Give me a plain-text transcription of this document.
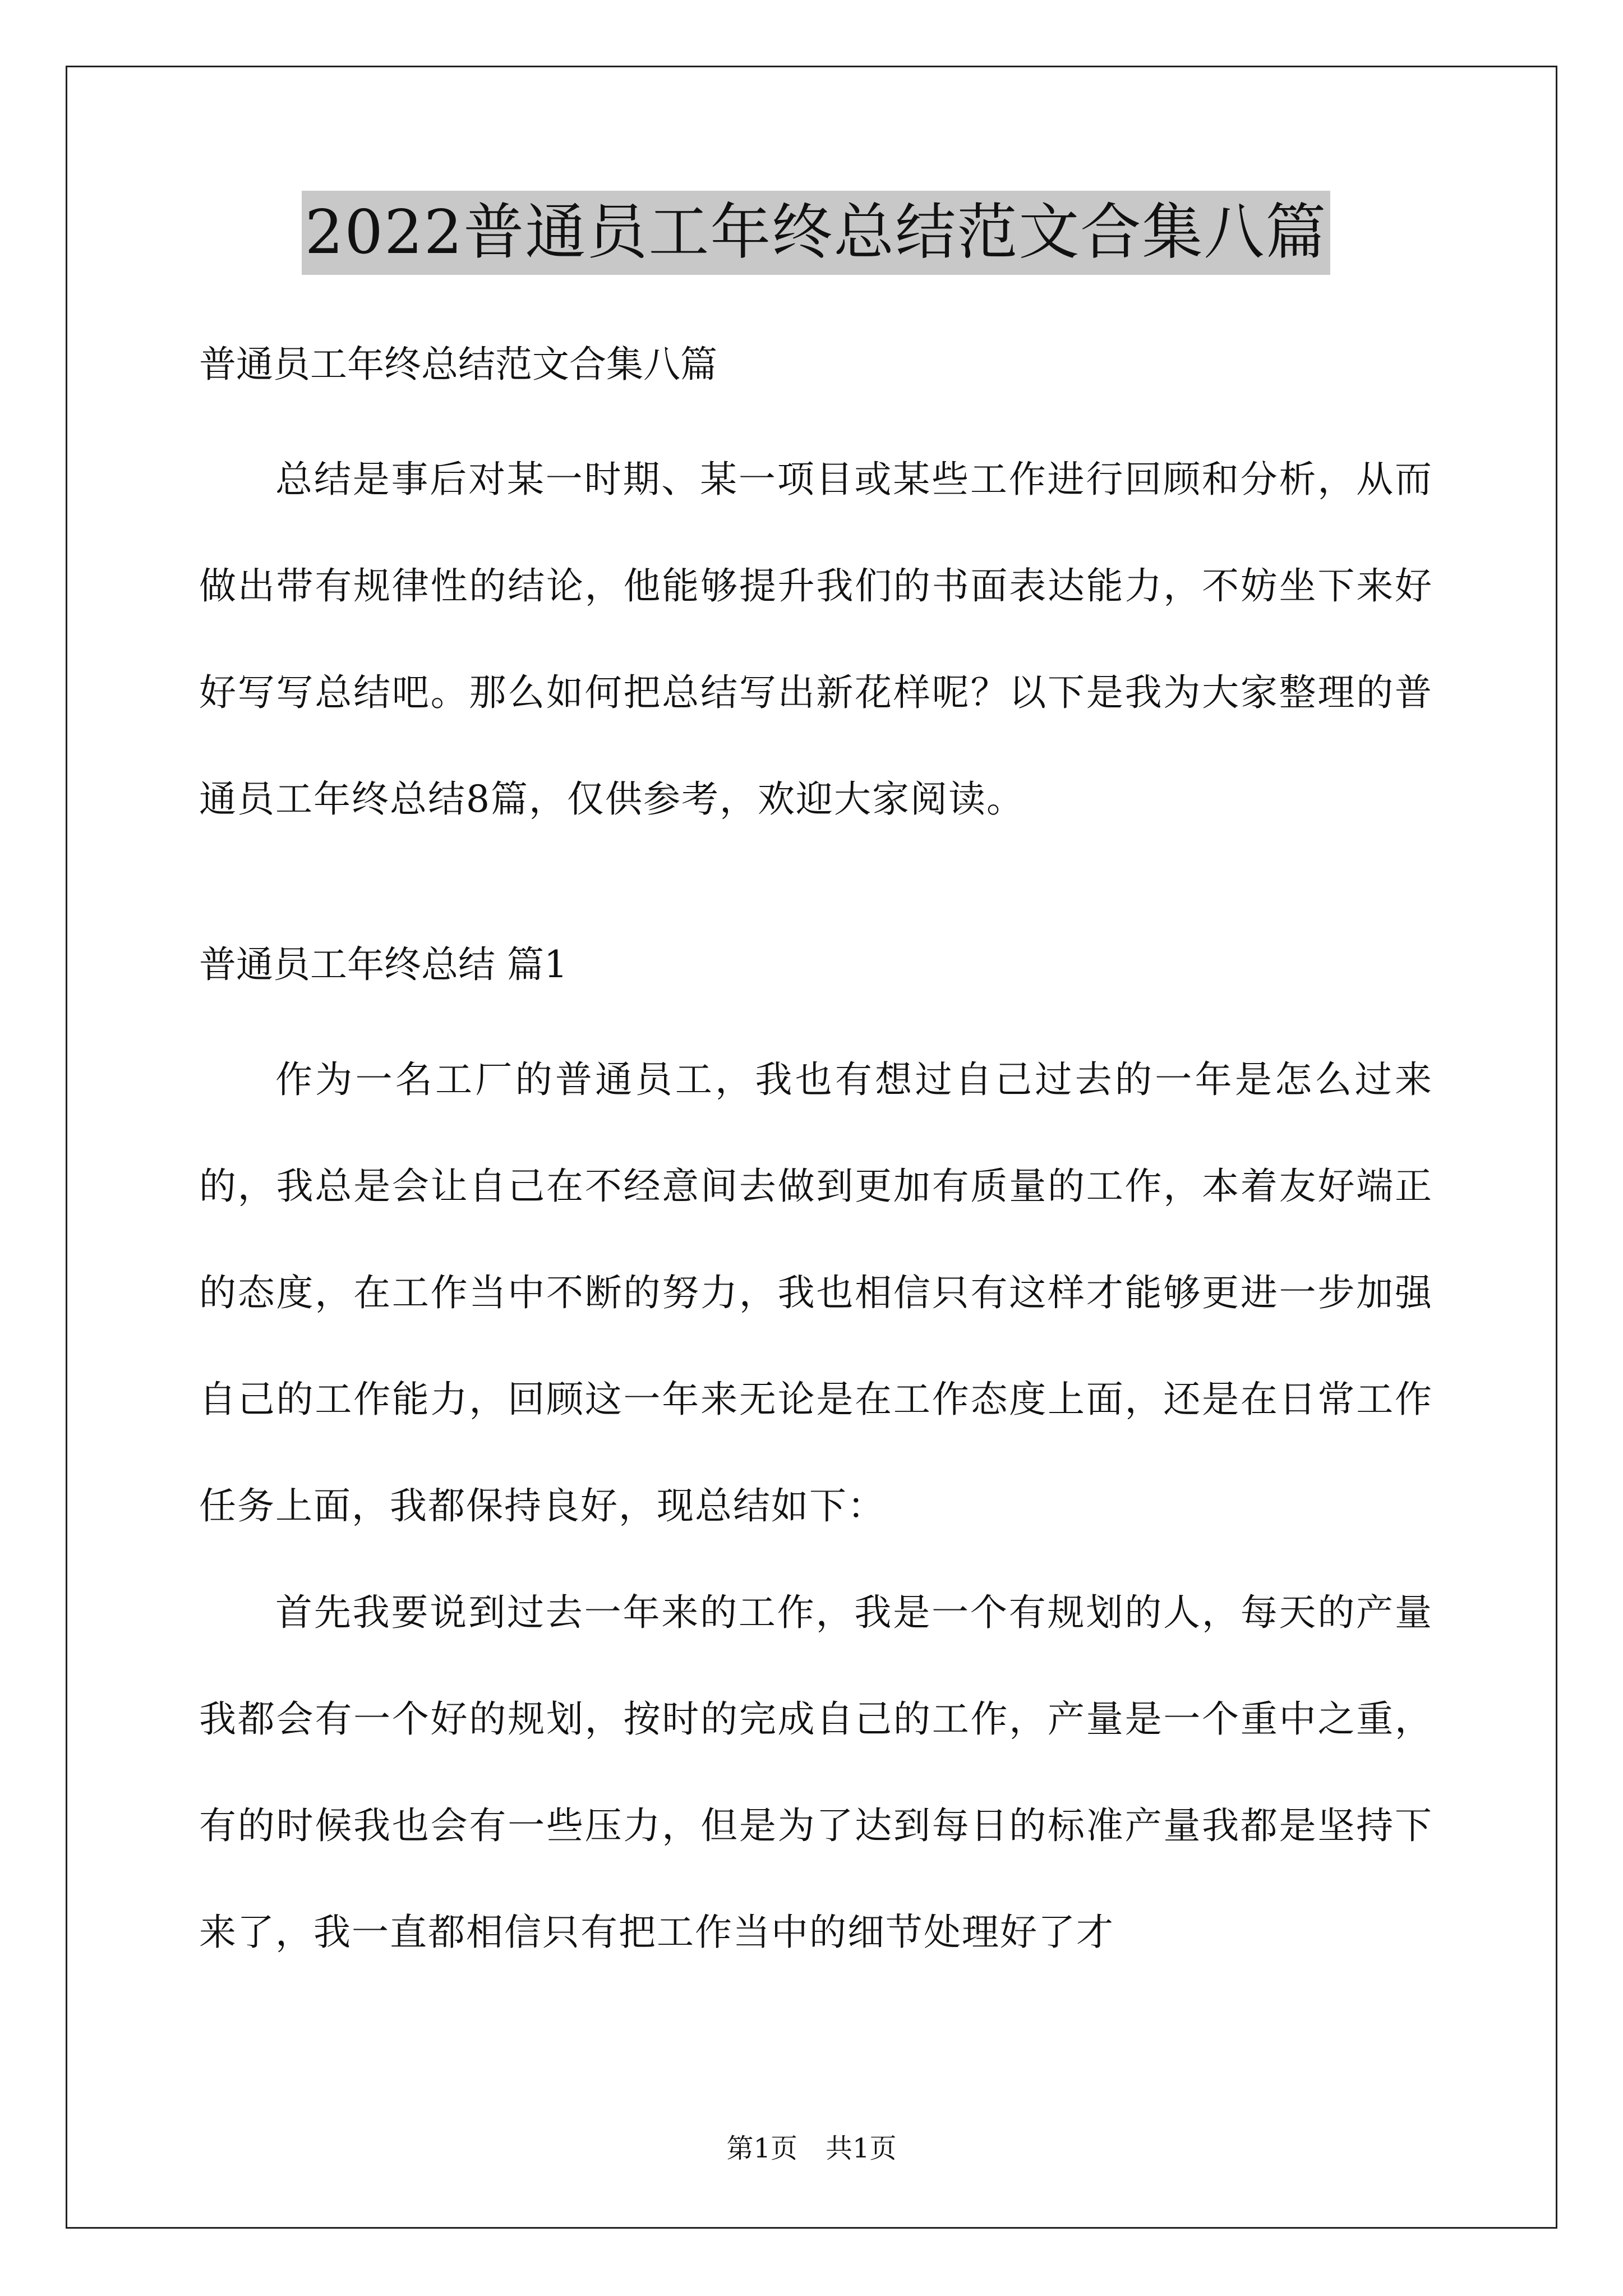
2022普通员工年终总结范文合集八篇

普通员工年终总结范文合集八篇

总结是事后对某一时期、某一项目或某些工作进行回顾和分析，从而做出带有规律性的结论，他能够提升我们的书面表达能力，不妨坐下来好好写写总结吧。那么如何把总结写出新花样呢？以下是我为大家整理的普通员工年终总结8篇，仅供参考，欢迎大家阅读。

普通员工年终总结 篇1

作为一名工厂的普通员工，我也有想过自己过去的一年是怎么过来的，我总是会让自己在不经意间去做到更加有质量的工作，本着友好端正的态度，在工作当中不断的努力，我也相信只有这样才能够更进一步加强自己的工作能力，回顾这一年来无论是在工作态度上面，还是在日常工作任务上面，我都保持良好，现总结如下：

首先我要说到过去一年来的工作，我是一个有规划的人，每天的产量我都会有一个好的规划，按时的完成自己的工作，产量是一个重中之重，有的时候我也会有一些压力，但是为了达到每日的标准产量我都是坚持下来了，我一直都相信只有把工作当中的细节处理好了才

第1页 共1页
